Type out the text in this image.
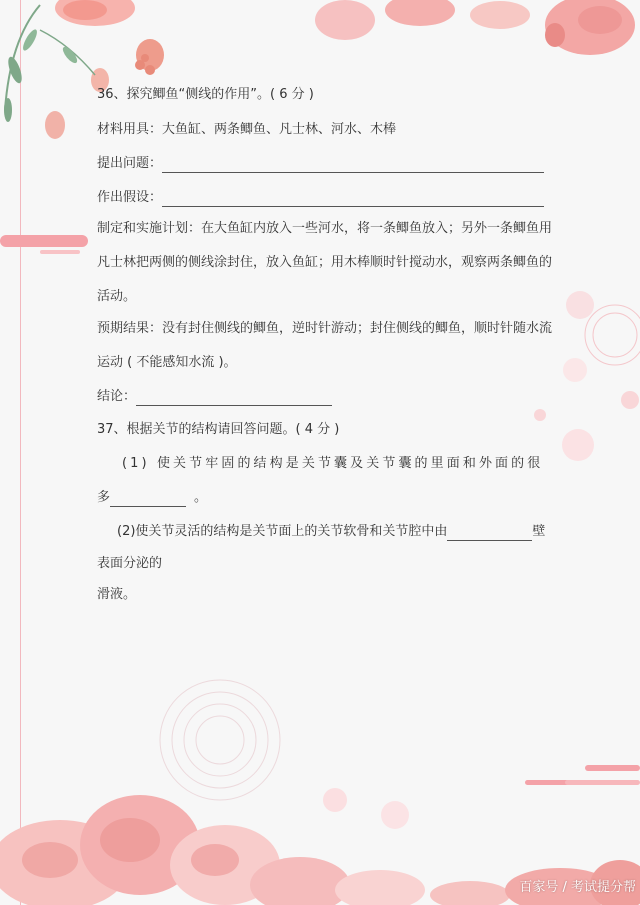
36、探究鲫鱼“侧线的作用”。( 6 分 )
材料用具：大鱼缸、两条鲫鱼、凡士林、河水、木棒
提出问题：
作出假设：
制定和实施计划：在大鱼缸内放入一些河水，将一条鲫鱼放入；另外一条鲫鱼用
凡士林把两侧的侧线涂封住，放入鱼缸；用木棒顺时针搅动水，观察两条鲫鱼的
活动。
预期结果：没有封住侧线的鲫鱼，逆时针游动；封住侧线的鲫鱼，顺时针随水流
运动 ( 不能感知水流 )。
结论：
37、根据关节的结构请回答问题。( 4 分 )
(1) 使关节牢固的结构是关节囊及关节囊的里面和外面的很
多	。
(2)使关节灵活的结构是关节面上的关节软骨和关节腔中由	壁
表面分泌的
滑液。
百家号 / 考试提分帮
